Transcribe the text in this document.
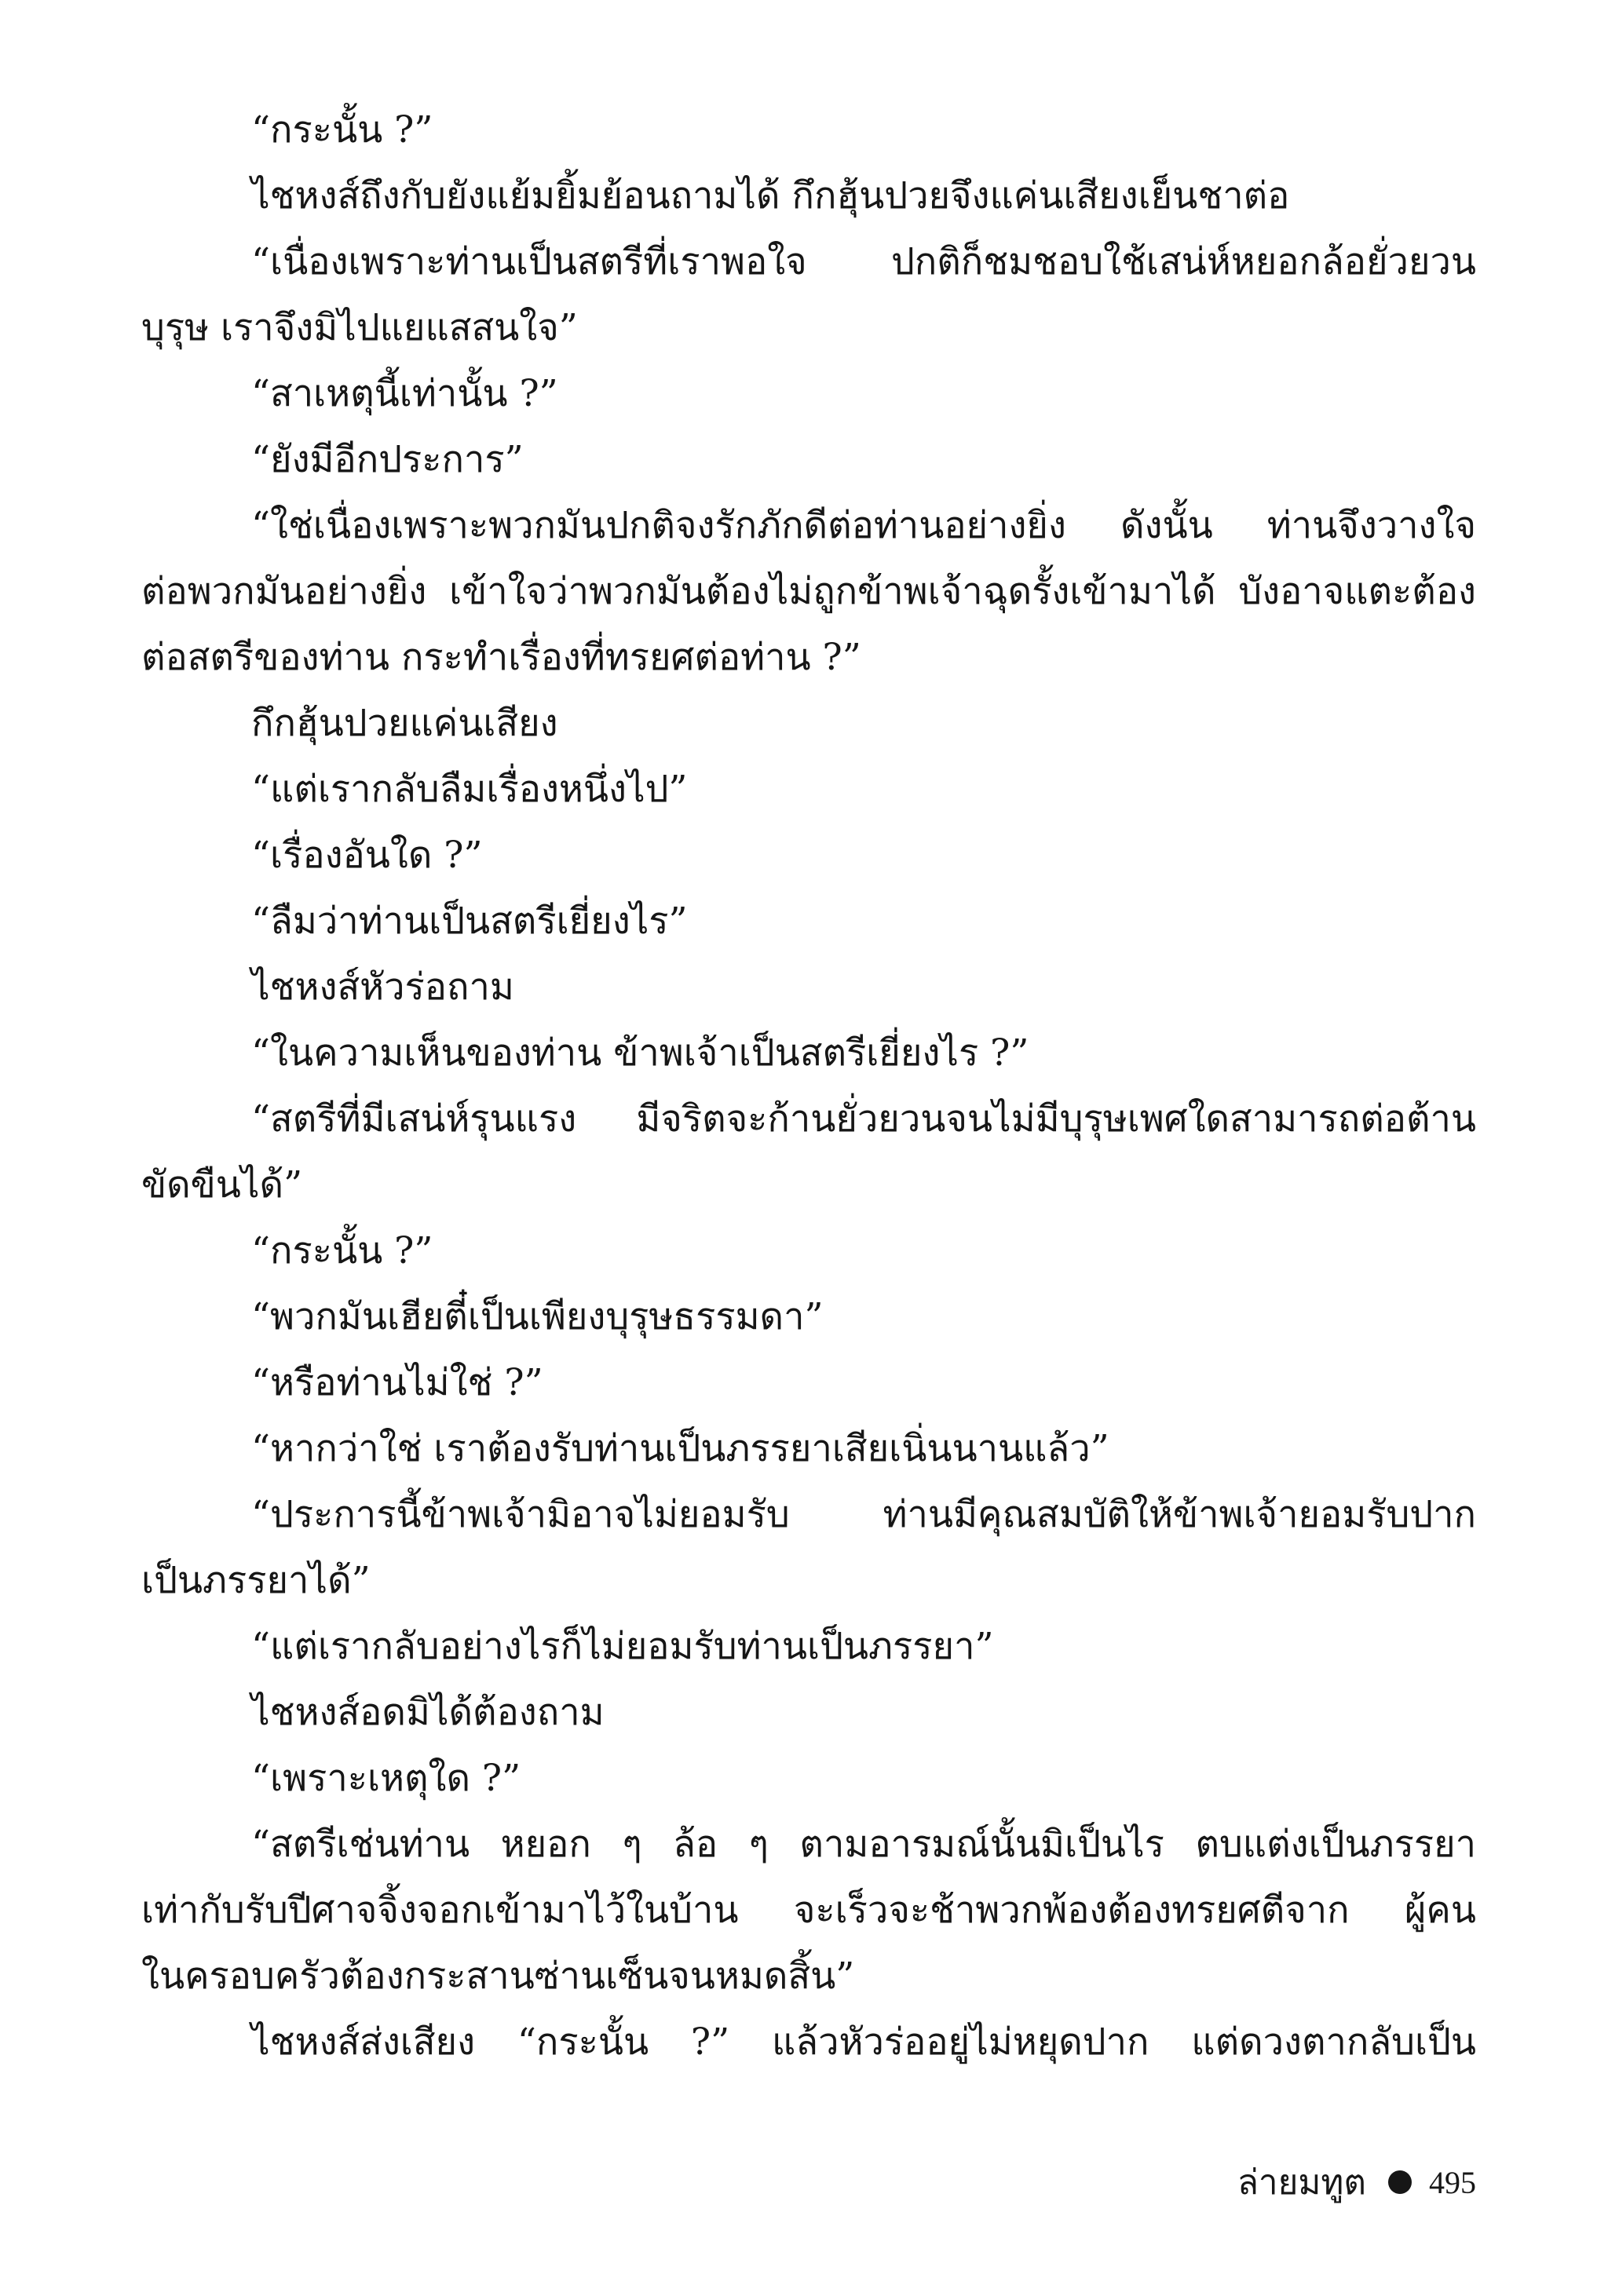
“กระนั้น ?”
ไชหงส์ถึงกับยังแย้มยิ้มย้อนถามได้ กึกฮุ้นปวยจึงแค่นเสียงเย็นชาต่อ
“เนื่องเพราะท่านเป็นสตรีที่เราพอใจ ปกติก็ชมชอบใช้เสน่ห์หยอกล้อยั่วยวน
บุรุษ เราจึงมิไปแยแสสนใจ”
“สาเหตุนี้เท่านั้น ?”
“ยังมีอีกประการ”
“ใช่เนื่องเพราะพวกมันปกติจงรักภักดีต่อท่านอย่างยิ่ง ดังนั้น ท่านจึงวางใจ
ต่อพวกมันอย่างยิ่ง เข้าใจว่าพวกมันต้องไม่ถูกข้าพเจ้าฉุดรั้งเข้ามาได้ บังอาจแตะต้อง
ต่อสตรีของท่าน กระทำเรื่องที่ทรยศต่อท่าน ?”
กึกฮุ้นปวยแค่นเสียง
“แต่เรากลับลืมเรื่องหนึ่งไป”
“เรื่องอันใด ?”
“ลืมว่าท่านเป็นสตรีเยี่ยงไร”
ไชหงส์หัวร่อถาม
“ในความเห็นของท่าน ข้าพเจ้าเป็นสตรีเยี่ยงไร ?”
“สตรีที่มีเสน่ห์รุนแรง มีจริตจะก้านยั่วยวนจนไม่มีบุรุษเพศใดสามารถต่อต้าน
ขัดขืนได้”
“กระนั้น ?”
“พวกมันเฮียตี๋เป็นเพียงบุรุษธรรมดา”
“หรือท่านไม่ใช่ ?”
“หากว่าใช่ เราต้องรับท่านเป็นภรรยาเสียเนิ่นนานแล้ว”
“ประการนี้ข้าพเจ้ามิอาจไม่ยอมรับ ท่านมีคุณสมบัติให้ข้าพเจ้ายอมรับปาก
เป็นภรรยาได้”
“แต่เรากลับอย่างไรก็ไม่ยอมรับท่านเป็นภรรยา”
ไชหงส์อดมิได้ต้องถาม
“เพราะเหตุใด ?”
“สตรีเช่นท่าน หยอก ๆ ล้อ ๆ ตามอารมณ์นั้นมิเป็นไร ตบแต่งเป็นภรรยา
เท่ากับรับปีศาจจิ้งจอกเข้ามาไว้ในบ้าน จะเร็วจะช้าพวกพ้องต้องทรยศตีจาก ผู้คน
ในครอบครัวต้องกระสานซ่านเซ็นจนหมดสิ้น”
ไชหงส์ส่งเสียง “กระนั้น ?” แล้วหัวร่ออยู่ไม่หยุดปาก แต่ดวงตากลับเป็น
ล่ายมทูต 495
